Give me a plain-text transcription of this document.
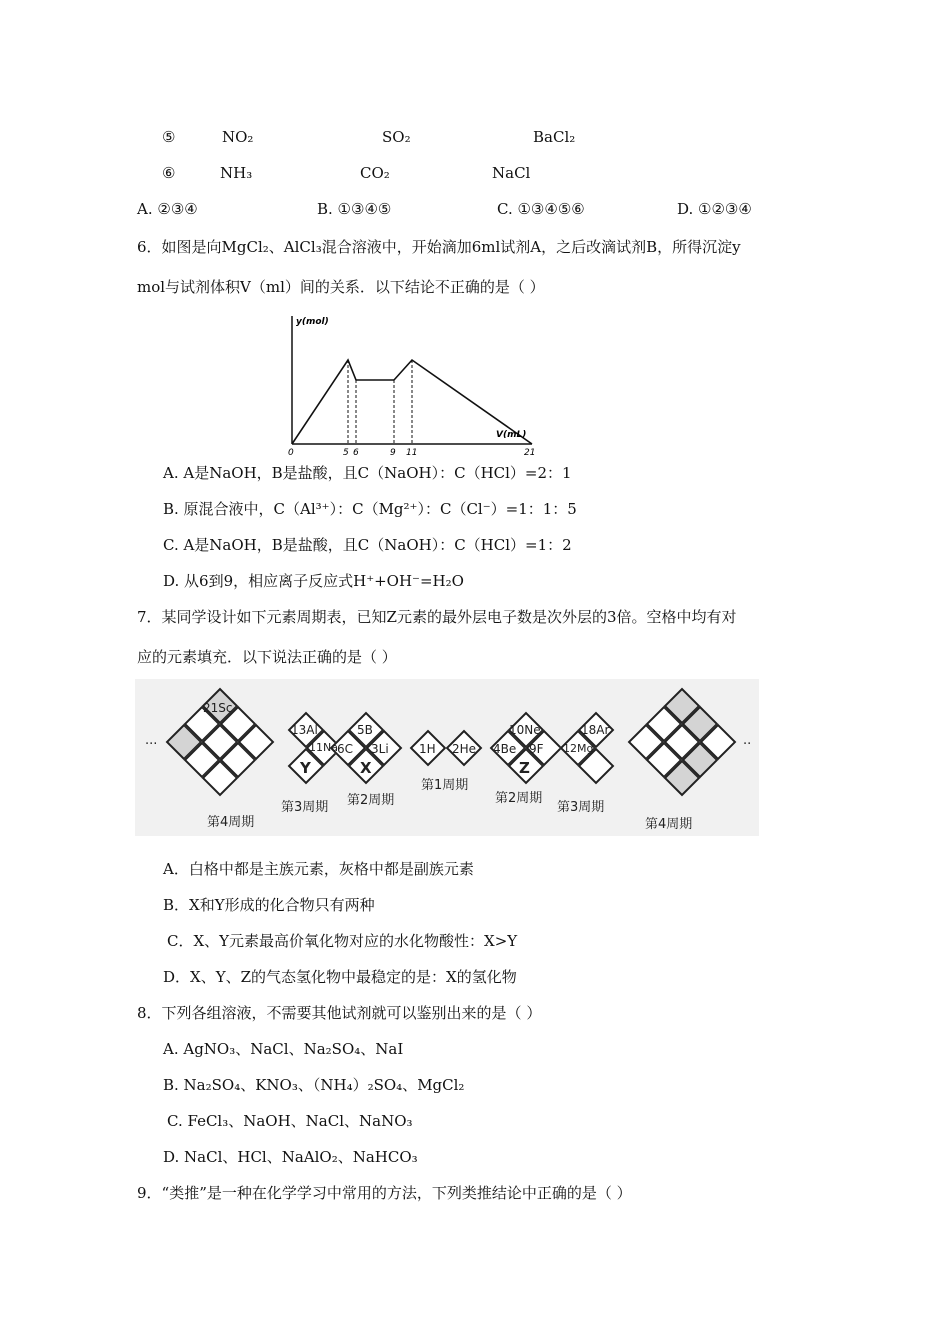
⑤	NO₂	SO₂	BaCl₂
⑥	NH₃	CO₂	NaCl
A. ②③④	B. ①③④⑤	C. ①③④⑤⑥	D. ①②③④
6．如图是向MgCl₂、AlCl₃混合溶液中，开始滴加6ml试剂A，之后改滴试剂B，所得沉淀y
mol与试剂体积V（ml）间的关系．以下结论不正确的是（ ）
y(mol)
V(mL)
0	5 6	9 11	21
A. A是NaOH，B是盐酸，且C（NaOH）：C（HCl）=2：1
B. 原混合液中，C（Al³⁺）：C（Mg²⁺）：C（Cl⁻）=1：1：5
C. A是NaOH，B是盐酸，且C（NaOH）：C（HCl）=1：2
D. 从6到9，相应离子反应式H⁺+OH⁻=H₂O
7．某同学设计如下元素周期表，已知Z元素的最外层电子数是次外层的3倍。空格中均有对
应的元素填充．以下说法正确的是（ ）
···	··
21Sc
13Al
11Na
5B
6C 3Li	1H 2He 4Be
10Ne
9F
18Ar
12Mg
Y	X	Z
第4周期
第3周期 第2周期
第1周期
第2周期
第3周期
第4周期
A．白格中都是主族元素，灰格中都是副族元素
B．X和Y形成的化合物只有两种
C．X、Y元素最高价氧化物对应的水化物酸性：X>Y
D．X、Y、Z的气态氢化物中最稳定的是：X的氢化物
8．下列各组溶液，不需要其他试剂就可以鉴别出来的是（ ）
A. AgNO₃、NaCl、Na₂SO₄、NaI
B. Na₂SO₄、KNO₃、（NH₄）₂SO₄、MgCl₂
C. FeCl₃、NaOH、NaCl、NaNO₃
D. NaCl、HCl、NaAlO₂、NaHCO₃
9．“类推”是一种在化学学习中常用的方法，下列类推结论中正确的是（ ）
